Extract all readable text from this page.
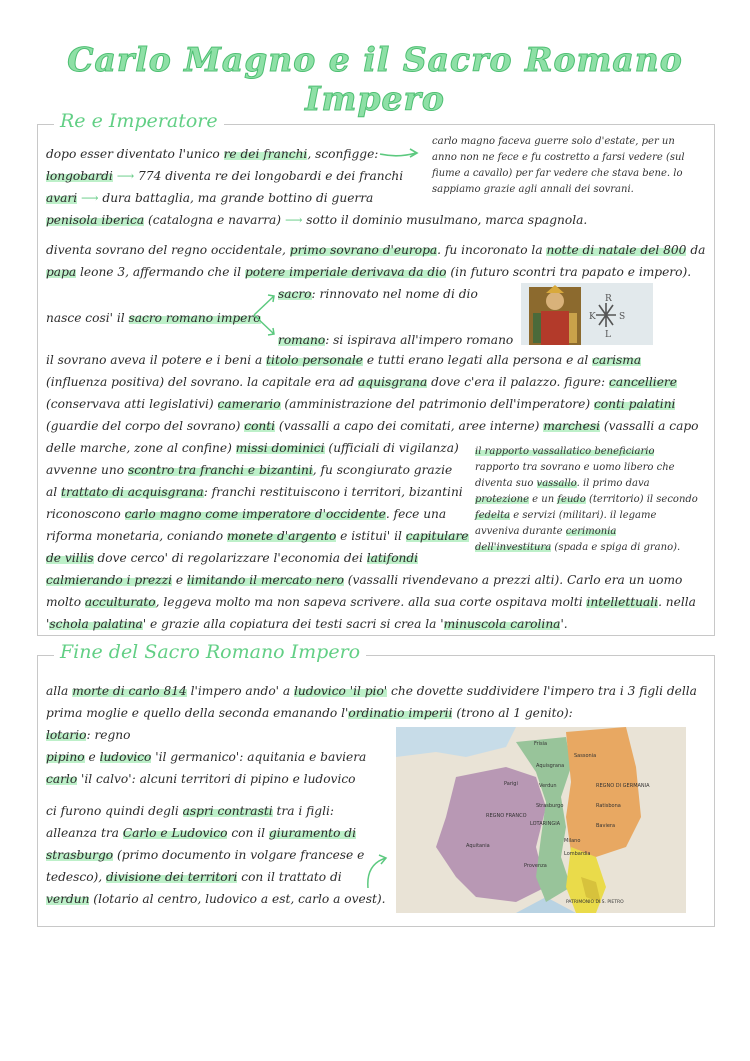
Carlo Magno e il Sacro Romano Impero
Re e Imperatore
carlo magno faceva guerre solo d'estate, per un
anno non ne fece e fu costretto a farsi vedere (sul
fiume a cavallo) per far vedere che stava bene. lo
sappiamo grazie agli annali dei sovrani.
dopo esser diventato l'unico re dei franchi, sconfigge:
longobardi ⟶ 774 diventa re dei longobardi e dei franchi
avari ⟶ dura battaglia, ma grande bottino di guerra
penisola iberica (catalogna e navarra) ⟶ sotto il dominio musulmano, marca spagnola.
diventa sovrano del regno occidentale, primo sovrano d'europa. fu incoronato la notte di natale del 800 da
papa leone 3, affermando che il potere imperiale derivava da dio (in futuro scontri tra papato e impero).
sacro: rinnovato nel nome di dio
nasce cosi' il sacro romano impero
romano: si ispirava all'impero romano
R
S
K
L
il sovrano aveva il potere e i beni a titolo personale e tutti erano legati alla persona e al carisma
(influenza positiva) del sovrano. la capitale era ad aquisgrana dove c'era il palazzo. figure: cancelliere
(conservava atti legislativi) camerario (amministrazione del patrimonio dell'imperatore) conti palatini
(guardie del corpo del sovrano) conti (vassalli a capo dei comitati, aree interne) marchesi (vassalli a capo
delle marche, zone al confine) missi dominici (ufficiali di vigilanza)
avvenne uno scontro tra franchi e bizantini, fu scongiurato grazie
al trattato di acquisgrana: franchi restituiscono i territori, bizantini
riconoscono carlo magno come imperatore d'occidente. fece una
riforma monetaria, coniando monete d'argento e istitui' il capitulare
de villis dove cerco' di regolarizzare l'economia dei latifondi
il rapporto vassallatico beneficiario
rapporto tra sovrano e uomo libero che
diventa suo vassallo. il primo dava
protezione e un feudo (territorio) il secondo
fedelta e servizi (militari). il legame
avveniva durante cerimonia
dell'investitura (spada e spiga di grano).
calmierando i prezzi e limitando il mercato nero (vassalli rivendevano a prezzi alti). Carlo era un uomo
molto acculturato, leggeva molto ma non sapeva scrivere. alla sua corte ospitava molti intellettuali. nella
'schola palatina' e grazie alla copiatura dei testi sacri si crea la 'minuscola carolina'.
Fine del Sacro Romano Impero
alla morte di carlo 814 l'impero ando' a ludovico 'il pio' che dovette suddividere l'impero tra i 3 figli della
prima moglie e quello della seconda emanando l'ordinatio imperii (trono al 1 genito):
lotario: regno
pipino e ludovico 'il germanico': aquitania e baviera
carlo 'il calvo': alcuni territori di pipino e ludovico
ci furono quindi degli aspri contrasti tra i figli:
alleanza tra Carlo e Ludovico con il giuramento di
strasburgo (primo documento in volgare francese e
tedesco), divisione dei territori con il trattato di
verdun (lotario al centro, ludovico a est, carlo a ovest).
Sassonia
Frisia
Aquisgrana
Parigi	Verdun
Strasburgo
REGNO DI GERMANIA
Ratisbona
REGNO FRANCO
LOTARINGIA
Aquitania
Baviera
Milano
Lombardia
Provenza
PATRIMONIO DI S. PIETRO
